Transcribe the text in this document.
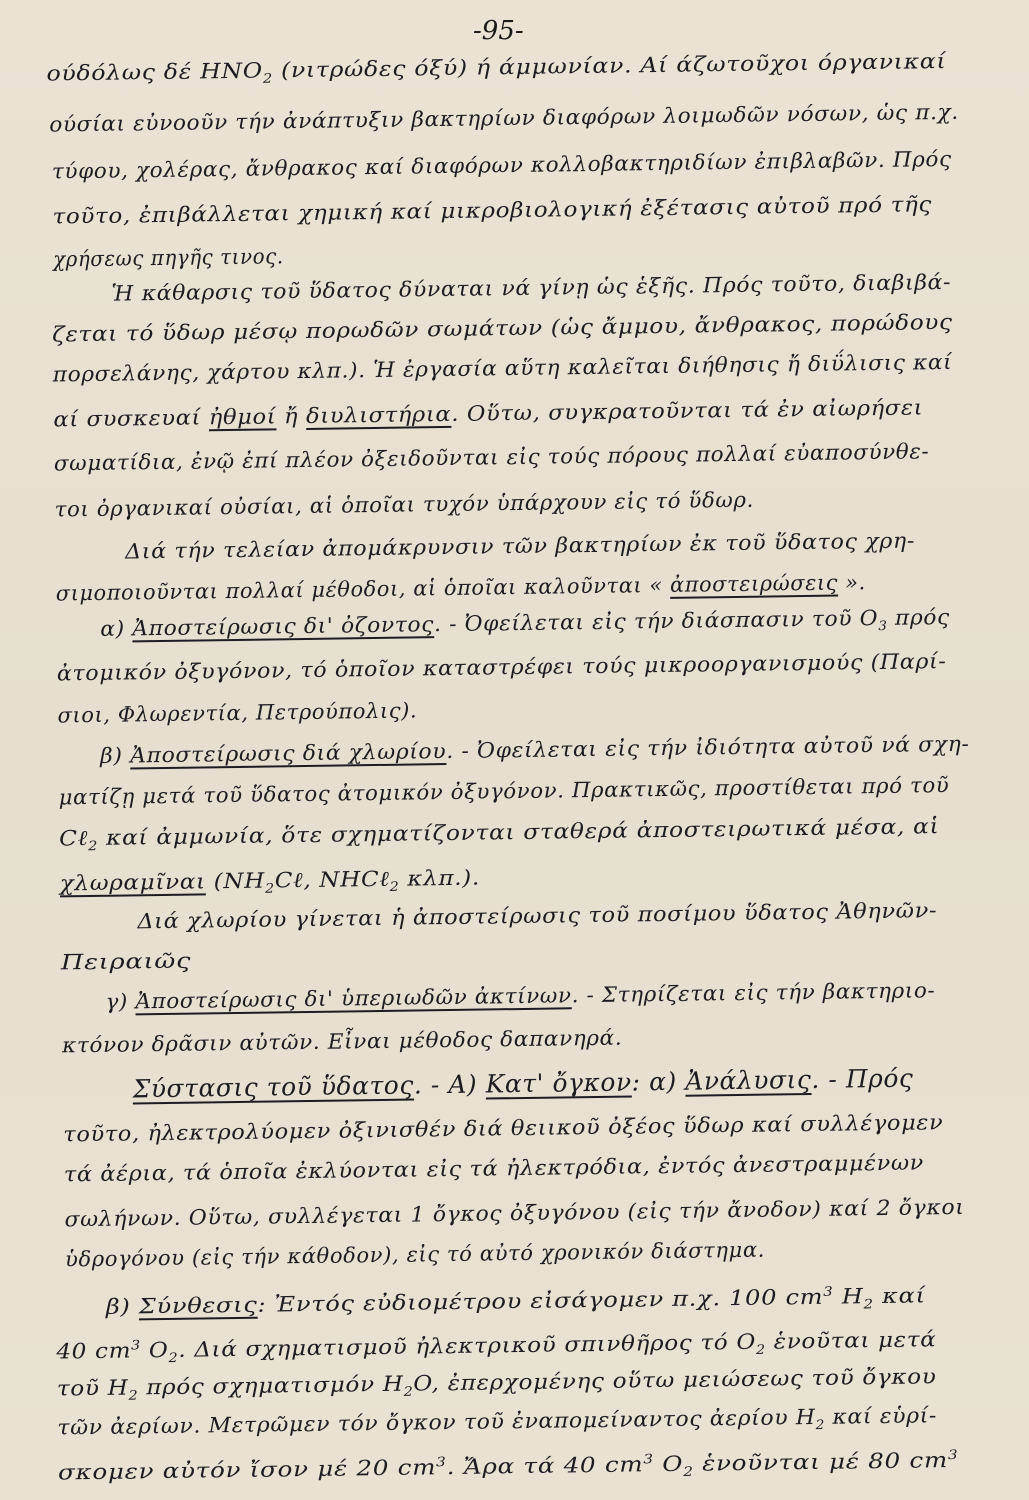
-95-
ούδόλως δέ $HNO_2$ (νιτρώδες όξύ) ή άμμωνίαν. Αί άζωτοῦχοι όργανικαί
ούσίαι εὐνοοῦν τήν ἀνάπτυξιν βακτηρίων διαφόρων λοιμωδῶν νόσων, ὡς π.χ.
τύφου, χολέρας, ἄνθρακος καί διαφόρων κολλοβακτηριδίων ἐπιβλαβῶν. Πρός
τοῦτο, ἐπιβάλλεται χημική καί μικροβιολογική ἐξέτασις αὐτοῦ πρό τῆς
χρήσεως πηγῆς τινος.
Ἡ κάθαρσις τοῦ ὕδατος δύναται νά γίνῃ ὡς ἑξῆς. Πρός τοῦτο, διαβιβά-
ζεται τό ὕδωρ μέσῳ πορωδῶν σωμάτων (ὡς ἄμμου, ἄνθρακος, πορώδους
πορσελάνης, χάρτου κλπ.). Ἡ ἐργασία αὕτη καλεῖται διήθησις ἤ διΰλισις καί
αί συσκευαί ἠθμοί ἤ διυλιστήρια. Οὕτω, συγκρατοῦνται τά ἐν αἰωρήσει
σωματίδια, ἐνῷ ἐπί πλέον ὀξειδοῦνται εἰς τούς πόρους πολλαί εὐαποσύνθε-
τοι ὀργανικαί οὐσίαι, αἱ ὁποῖαι τυχόν ὑπάρχουν εἰς τό ὕδωρ.
Διά τήν τελείαν ἀπομάκρυνσιν τῶν βακτηρίων ἐκ τοῦ ὕδατος χρη-
σιμοποιοῦνται πολλαί μέθοδοι, αἱ ὁποῖαι καλοῦνται « ἀποστειρώσεις ».
α) Ἀποστείρωσις δι' ὀζοντος. - Ὀφείλεται εἰς τήν διάσπασιν τοῦ $O_3$ πρός
ἀτομικόν ὀξυγόνον, τό ὁποῖον καταστρέφει τούς μικροοργανισμούς (Παρί-
σιοι, Φλωρεντία, Πετρούπολις).
β) Ἀποστείρωσις διά χλωρίου. - Ὀφείλεται εἰς τήν ἰδιότητα αὐτοῦ νά σχη-
ματίζῃ μετά τοῦ ὕδατος ἀτομικόν ὀξυγόνον. Πρακτικῶς, προστίθεται πρό τοῦ
Cℓ$_2$ καί ἀμμωνία, ὅτε σχηματίζονται σταθερά ἀποστειρωτικά μέσα, αἱ
χλωραμῖναι ($NH_2C\ell$, NHCℓ$_2$ κλπ.).
Διά χλωρίου γίνεται ἡ ἀποστείρωσις τοῦ ποσίμου ὕδατος Ἀθηνῶν-
Πειραιῶς
γ) Ἀποστείρωσις δι' ὑπεριωδῶν ἀκτίνων. - Στηρίζεται εἰς τήν βακτηριο-
κτόνον δρᾶσιν αὐτῶν. Εἶναι μέθοδος δαπανηρά.
Σύστασις τοῦ ὕδατος. - Α) Κατ' ὄγκον: α) Ἀνάλυσις. - Πρός
τοῦτο, ἠλεκτρολύομεν ὀξινισθέν διά θειικοῦ ὀξέος ὕδωρ καί συλλέγομεν
τά ἀέρια, τά ὁποῖα ἐκλύονται εἰς τά ἠλεκτρόδια, ἐντός ἀνεστραμμένων
σωλήνων. Οὕτω, συλλέγεται 1 ὄγκος ὀξυγόνου (εἰς τήν ἄνοδον) καί 2 ὄγκοι
ὑδρογόνου (εἰς τήν κάθοδον), εἰς τό αὐτό χρονικόν διάστημα.
β) Σύνθεσις: Ἐντός εὐδιομέτρου εἰσάγομεν π.χ. 100 $cm^3$ $H_2$ καί
40 $cm^3$ $O_2$. Διά σχηματισμοῦ ἠλεκτρικοῦ σπινθῆρος τό $O_2$ ἑνοῦται μετά
τοῦ $H_2$ πρός σχηματισμόν $H_2O$, ἐπερχομένης οὕτω μειώσεως τοῦ ὄγκου
τῶν ἀερίων. Μετρῶμεν τόν ὄγκον τοῦ ἐναπομείναντος ἀερίου $H_2$ καί εὑρί-
σκομεν αὐτόν ἴσον μέ 20 $cm^3$. Ἄρα τά 40 $cm^3$ $O_2$ ἑνοῦνται μέ 80 $cm^3$
